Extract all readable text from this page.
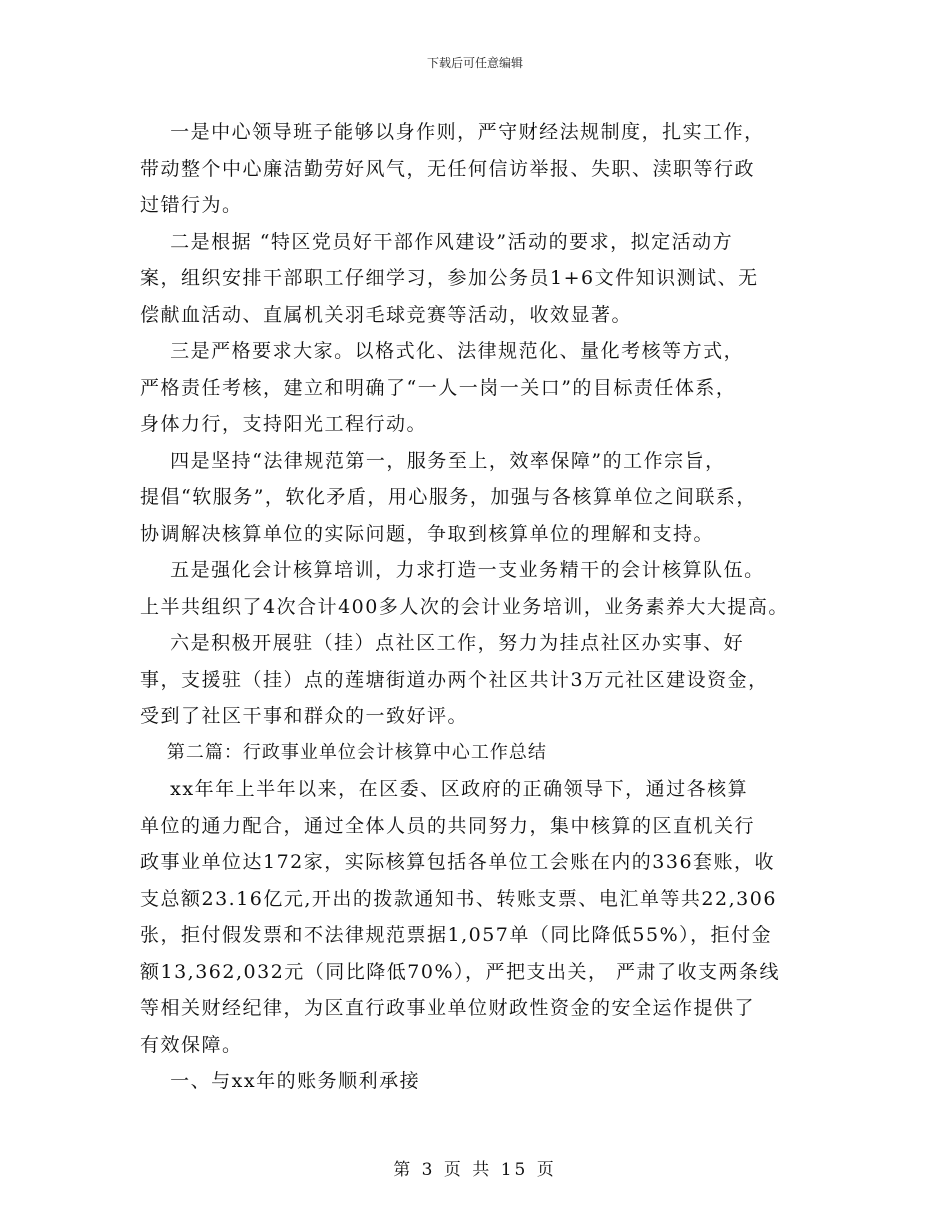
下载后可任意编辑

一是中心领导班子能够以身作则，严守财经法规制度，扎实工作，

带动整个中心廉洁勤劳好风气，无任何信访举报、失职、渎职等行政

过错行为。

二是根据 “特区党员好干部作风建设”活动的要求，拟定活动方

案，组织安排干部职工仔细学习，参加公务员1+6文件知识测试、无

偿献血活动、直属机关羽毛球竞赛等活动，收效显著。

三是严格要求大家。以格式化、法律规范化、量化考核等方式，

严格责任考核，建立和明确了“一人一岗一关口”的目标责任体系，

身体力行，支持阳光工程行动。

四是坚持“法律规范第一，服务至上，效率保障”的工作宗旨，

提倡“软服务”，软化矛盾，用心服务，加强与各核算单位之间联系，

协调解决核算单位的实际问题，争取到核算单位的理解和支持。

五是强化会计核算培训，力求打造一支业务精干的会计核算队伍。

上半共组织了4次合计400多人次的会计业务培训，业务素养大大提高。

六是积极开展驻（挂）点社区工作，努力为挂点社区办实事、好

事，支援驻（挂）点的莲塘街道办两个社区共计3万元社区建设资金，

受到了社区干事和群众的一致好评。

第二篇：行政事业单位会计核算中心工作总结

xx年年上半年以来，在区委、区政府的正确领导下，通过各核算

单位的通力配合，通过全体人员的共同努力，集中核算的区直机关行

政事业单位达172家，实际核算包括各单位工会账在内的336套账，收

支总额23.16亿元,开出的拨款通知书、转账支票、电汇单等共22,306

张，拒付假发票和不法律规范票据1,057单（同比降低55%），拒付金

额13,362,032元（同比降低70%），严把支出关， 严肃了收支两条线

等相关财经纪律，为区直行政事业单位财政性资金的安全运作提供了

有效保障。

一、与xx年的账务顺利承接

第 3 页 共 15 页
